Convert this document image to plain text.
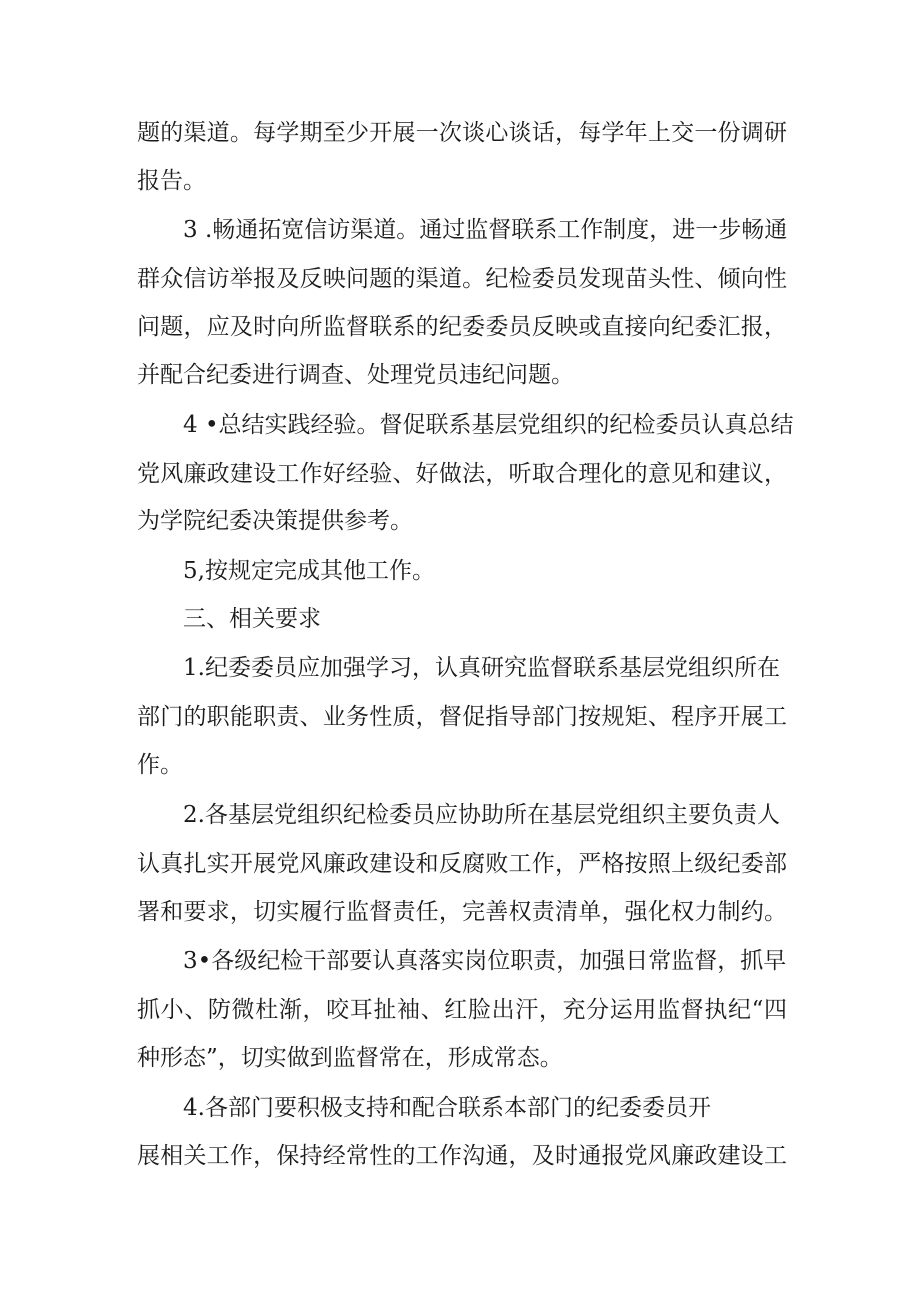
题的渠道。每学期至少开展一次谈心谈话，每学年上交一份调研
报告。
3 .畅通拓宽信访渠道。通过监督联系工作制度，进一步畅通
群众信访举报及反映问题的渠道。纪检委员发现苗头性、倾向性
问题，应及时向所监督联系的纪委委员反映或直接向纪委汇报，
并配合纪委进行调查、处理党员违纪问题。
4 •总结实践经验。督促联系基层党组织的纪检委员认真总结
党风廉政建设工作好经验、好做法，听取合理化的意见和建议，
为学院纪委决策提供参考。
5,按规定完成其他工作。
三、相关要求
1.纪委委员应加强学习，认真研究监督联系基层党组织所在
部门的职能职责、业务性质，督促指导部门按规矩、程序开展工
作。
2.各基层党组织纪检委员应协助所在基层党组织主要负责人
认真扎实开展党风廉政建设和反腐败工作，严格按照上级纪委部
署和要求，切实履行监督责任，完善权责清单，强化权力制约。
3•各级纪检干部要认真落实岗位职责，加强日常监督，抓早
抓小、防微杜渐，咬耳扯袖、红脸出汗，充分运用监督执纪“四
种形态”，切实做到监督常在，形成常态。
4.各部门要积极支持和配合联系本部门的纪委委员开
展相关工作，保持经常性的工作沟通，及时通报党风廉政建设工
